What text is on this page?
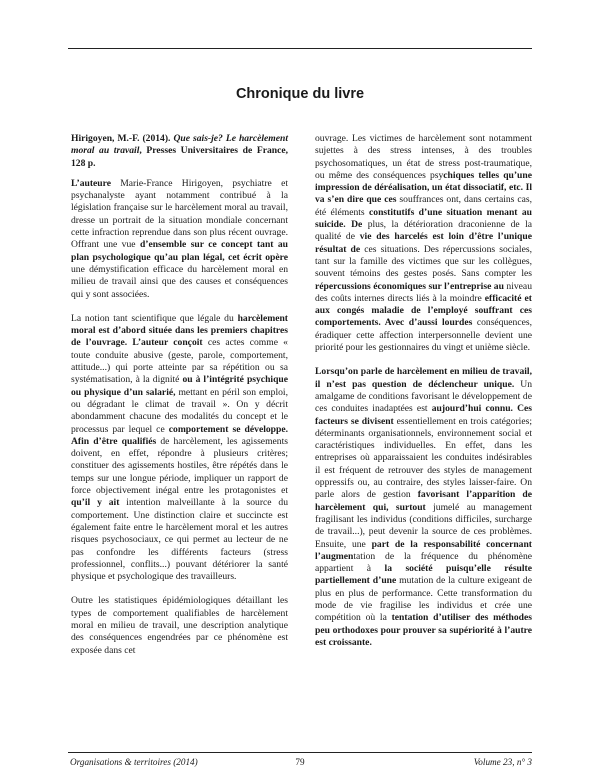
Chronique du livre

Hirigoyen, M.-F. (2014). Que sais-je? Le harcèlement moral au travail, Presses Universitaires de France, 128 p.

L’auteure Marie-France Hirigoyen, psychiatre et psychanalyste ayant notamment contribué à la législation française sur le harcèlement moral au travail, dresse un portrait de la situation mondiale concernant cette infraction reprendue dans son plus récent ouvrage. Offrant une vue d’ensemble sur ce concept tant au plan psychologique qu’au plan légal, cet écrit opère une démystification efficace du harcèlement moral en milieu de travail ainsi que des causes et conséquences qui y sont associées.

La notion tant scientifique que légale du harcèlement moral est d’abord située dans les premiers chapitres de l’ouvrage. L’auteur conçoit ces actes comme « toute conduite abusive (geste, parole, comportement, attitude...) qui porte atteinte par sa répétition ou sa systématisation, à la dignité ou à l’intégrité psychique ou physique d’un salarié, mettant en péril son emploi, ou dégradant le climat de travail ». On y décrit abondamment chacune des modalités du concept et le processus par lequel ce comportement se développe. Afin d’être qualifiés de harcèlement, les agissements doivent, en effet, répondre à plusieurs critères; constituer des agissements hostiles, être répétés dans le temps sur une longue période, impliquer un rapport de force objectivement inégal entre les protagonistes et qu’il y ait intention malveillante à la source du comportement. Une distinction claire et succincte est également faite entre le harcèlement moral et les autres risques psychosociaux, ce qui permet au lecteur de ne pas confondre les différents facteurs (stress professionnel, conflits...) pouvant détériorer la santé physique et psychologique des travailleurs.

Outre les statistiques épidémiologiques détaillant les types de comportement qualifiables de harcèlement moral en milieu de travail, une description analytique des conséquences engendrées par ce phénomène est exposée dans cet

ouvrage. Les victimes de harcèlement sont notamment sujettes à des stress intenses, à des troubles psychosomatiques, un état de stress post-traumatique, ou même des conséquences psychiques telles qu’une impression de déréalisation, un état dissociatif, etc. Il va s’en dire que ces souffrances ont, dans certains cas, été éléments constitutifs d’une situation menant au suicide. De plus, la détérioration draconienne de la qualité de vie des harcelés est loin d’être l’unique résultat de ces situations. Des répercussions sociales, tant sur la famille des victimes que sur les collègues, souvent témoins des gestes posés. Sans compter les répercussions économiques sur l’entreprise au niveau des coûts internes directs liés à la moindre efficacité et aux congés maladie de l’employé souffrant ces comportements. Avec d’aussi lourdes conséquences, éradiquer cette affection interpersonnelle devient une priorité pour les gestionnaires du vingt et unième siècle.

Lorsqu’on parle de harcèlement en milieu de travail, il n’est pas question de déclencheur unique. Un amalgame de conditions favorisant le développement de ces conduites inadaptées est aujourd’hui connu. Ces facteurs se divisent essentiellement en trois catégories; déterminants organisationnels, environnement social et caractéristiques individuelles. En effet, dans les entreprises où apparaissaient les conduites indésirables il est fréquent de retrouver des styles de management oppressifs ou, au contraire, des styles laisser-faire. On parle alors de gestion favorisant l’apparition de harcèlement qui, surtout jumelé au management fragilisant les individus (conditions difficiles, surcharge de travail...), peut devenir la source de ces problèmes. Ensuite, une part de la responsabilité concernant l’augmentation de la fréquence du phénomène appartient à la société puisqu’elle résulte partiellement d’une mutation de la culture exigeant de plus en plus de performance. Cette transformation du mode de vie fragilise les individus et crée une compétition où la tentation d’utiliser des méthodes peu orthodoxes pour prouver sa supériorité à l’autre est croissante.

Organisations & territoires (2014)	79	Volume 23, n° 3
